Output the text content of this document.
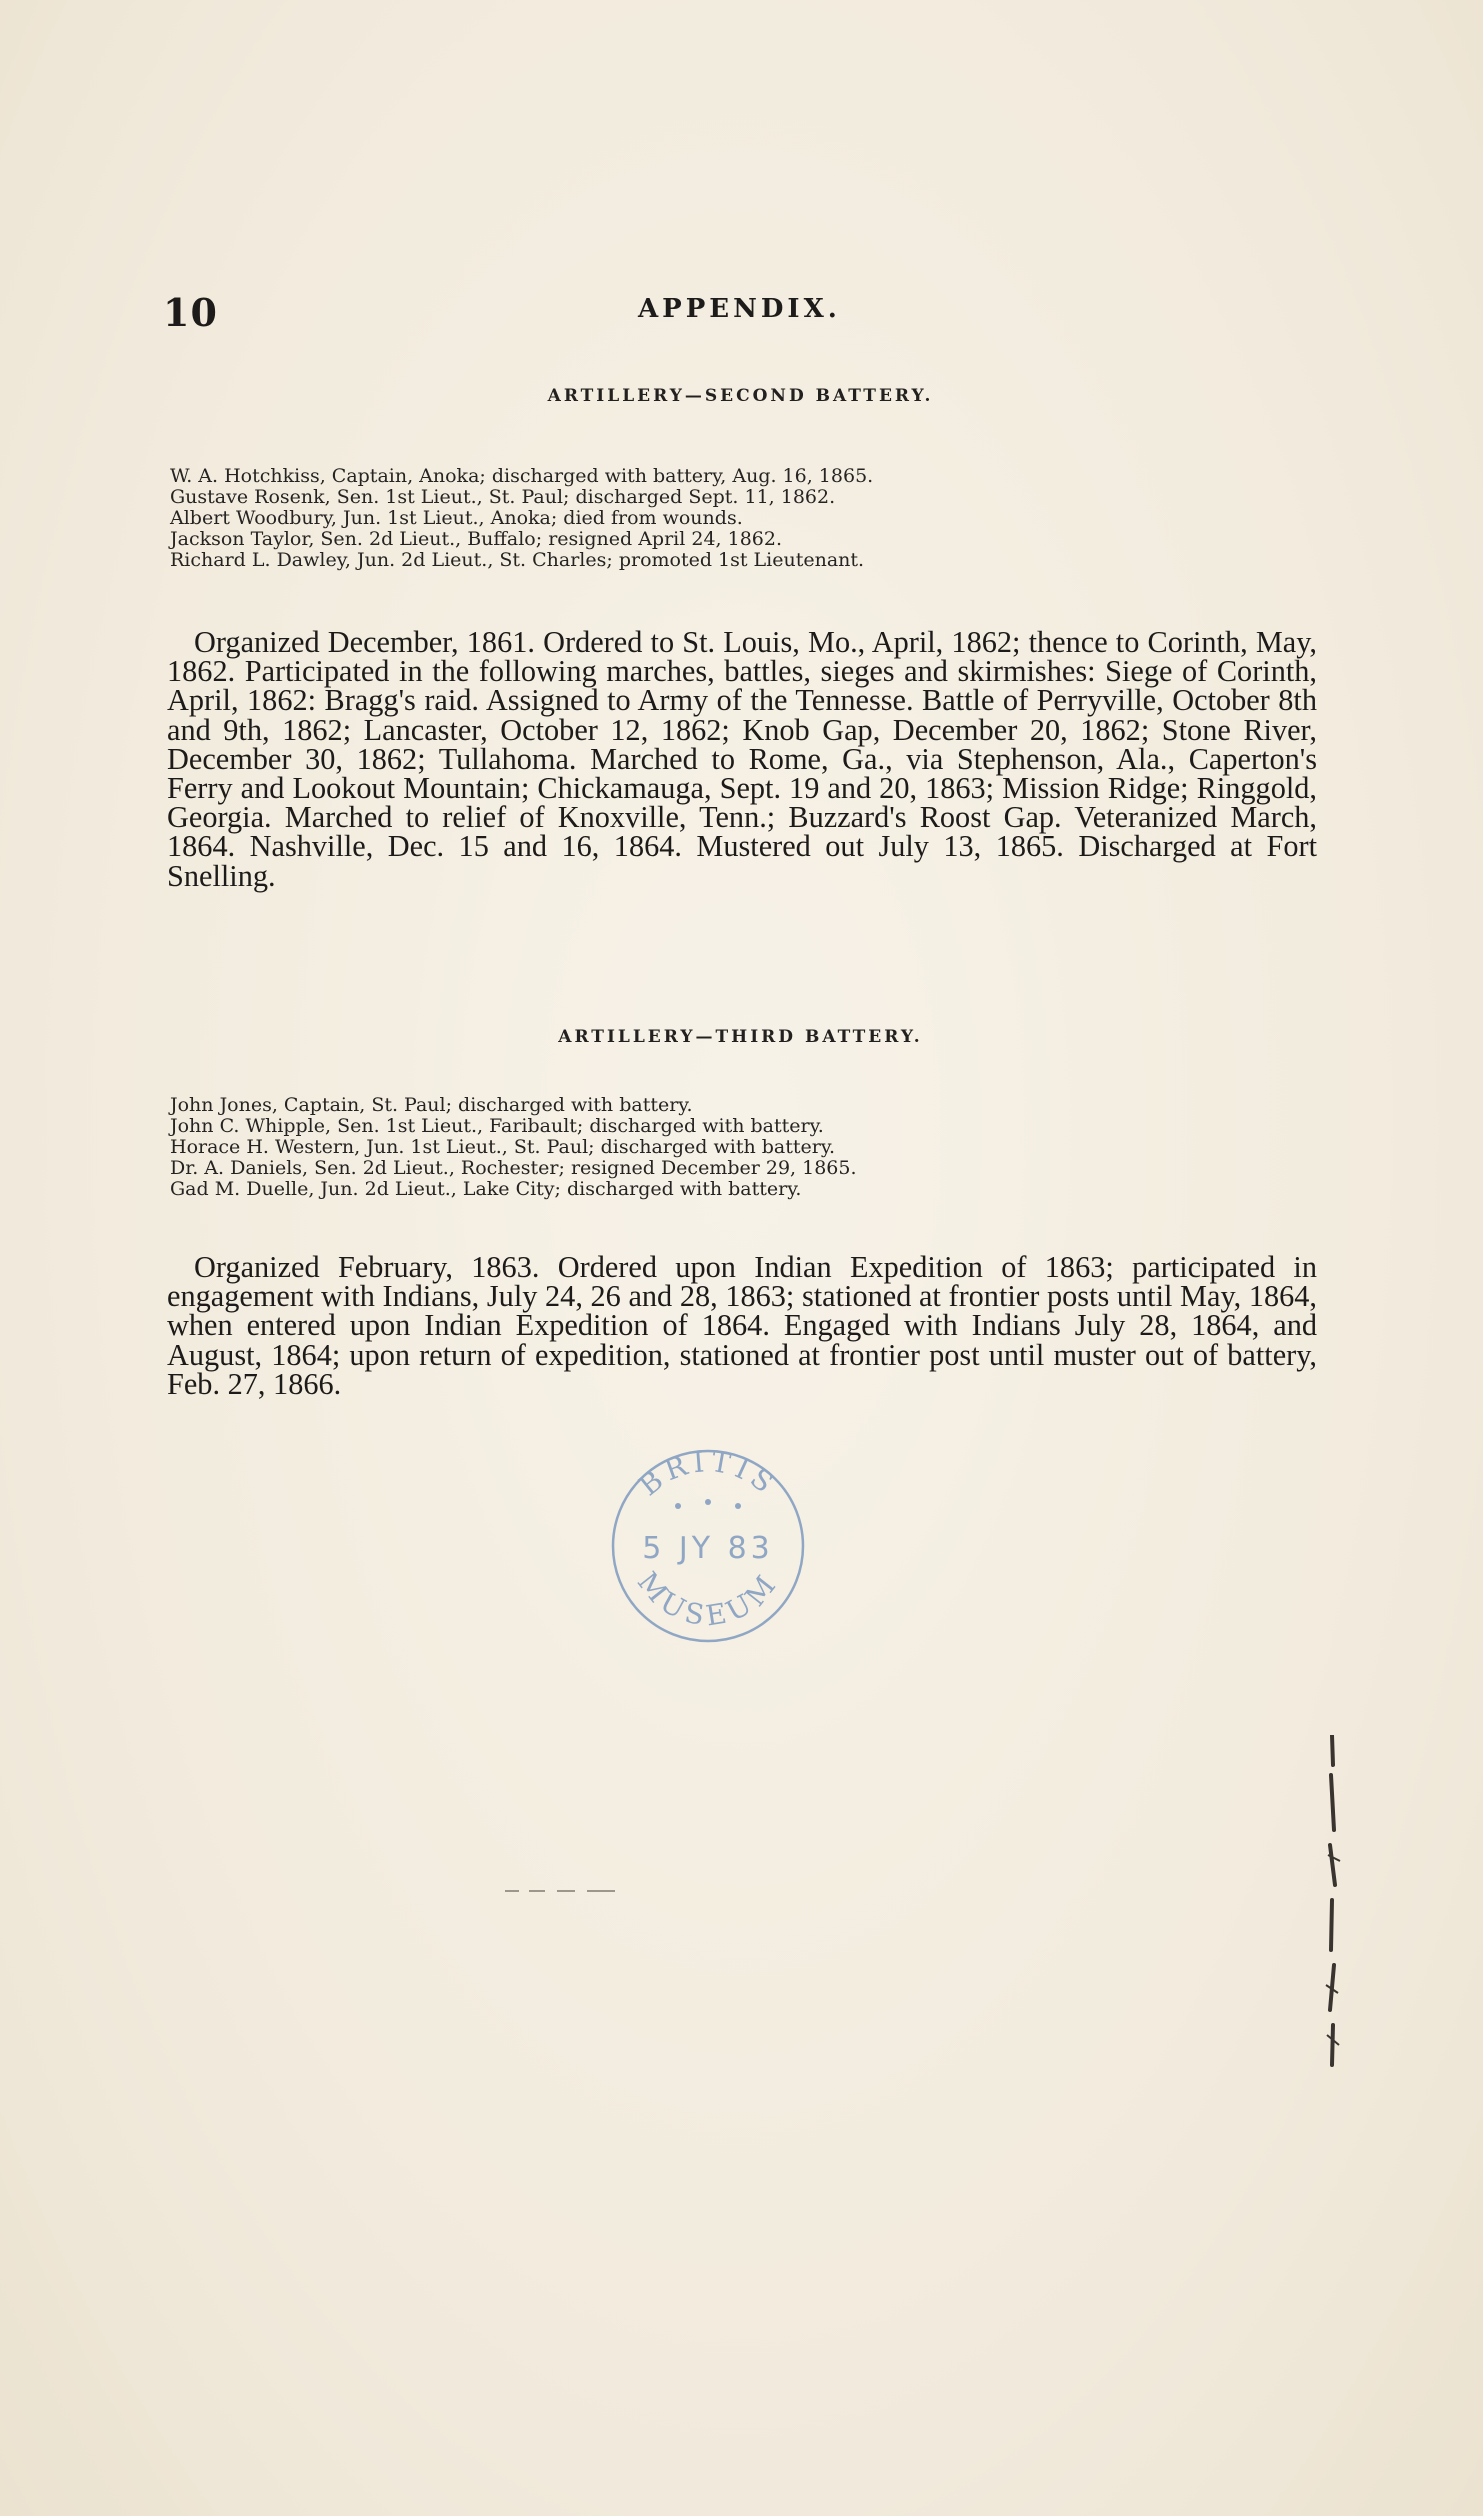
10	APPENDIX.
ARTILLERY—SECOND BATTERY.
W. A. Hotchkiss, Captain, Anoka; discharged with battery, Aug. 16, 1865.
Gustave Rosenk, Sen. 1st Lieut., St. Paul; discharged Sept. 11, 1862.
Albert Woodbury, Jun. 1st Lieut., Anoka; died from wounds.
Jackson Taylor, Sen. 2d Lieut., Buffalo; resigned April 24, 1862.
Richard L. Dawley, Jun. 2d Lieut., St. Charles; promoted 1st Lieutenant.

Organized December, 1861. Ordered to St. Louis, Mo., April, 1862; thence to Corinth, May, 1862. Participated in the following marches, battles, sieges and skirmishes: Siege of Corinth, April, 1862: Bragg's raid. Assigned to Army of the Tennesse. Battle of Perryville, October 8th and 9th, 1862; Lancaster, October 12, 1862; Knob Gap, December 20, 1862; Stone River, December 30, 1862; Tullahoma. Marched to Rome, Ga., via Stephenson, Ala., Caperton's Ferry and Lookout Mountain; Chickamauga, Sept. 19 and 20, 1863; Mission Ridge; Ringgold, Georgia. Marched to relief of Knoxville, Tenn.; Buzzard's Roost Gap. Veteranized March, 1864. Nashville, Dec. 15 and 16, 1864. Mustered out July 13, 1865. Discharged at Fort Snelling.

ARTILLERY—THIRD BATTERY.
John Jones, Captain, St. Paul; discharged with battery.
John C. Whipple, Sen. 1st Lieut., Faribault; discharged with battery.
Horace H. Western, Jun. 1st Lieut., St. Paul; discharged with battery.
Dr. A. Daniels, Sen. 2d Lieut., Rochester; resigned December 29, 1865.
Gad M. Duelle, Jun. 2d Lieut., Lake City; discharged with battery.

Organized February, 1863. Ordered upon Indian Expedition of 1863; participated in engagement with Indians, July 24, 26 and 28, 1863; stationed at frontier posts until May, 1864, when entered upon Indian Expedition of 1864. Engaged with Indians July 28, 1864, and August, 1864; upon return of expedition, stationed at frontier post until muster out of battery, Feb. 27, 1866.

BRITIS
5 JY 83
MUSEUM
